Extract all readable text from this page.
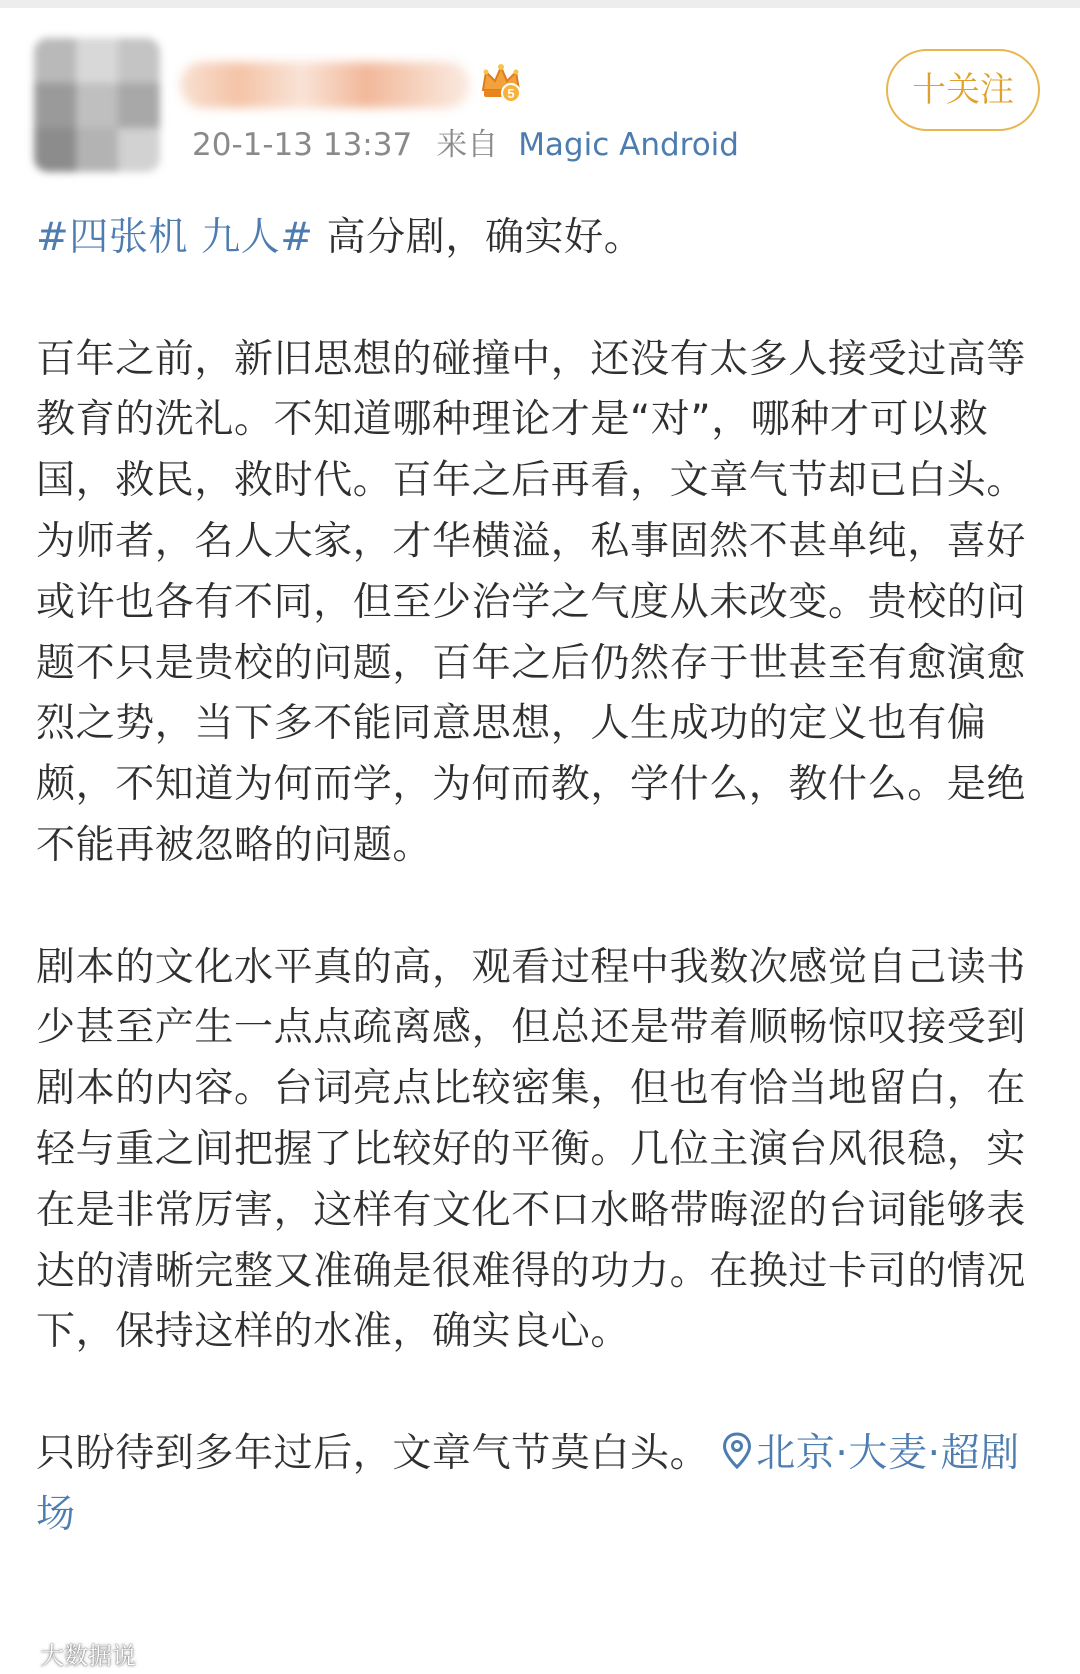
5
20-1-13 13:37 来自 Magic Android
十关注

#四张机 九人# 高分剧，确实好。

百年之前，新旧思想的碰撞中，还没有太多人接受过高等教育的洗礼。不知道哪种理论才是“对”，哪种才可以救国，救民，救时代。百年之后再看，文章气节却已白头。为师者，名人大家，才华横溢，私事固然不甚单纯，喜好或许也各有不同，但至少治学之气度从未改变。贵校的问题不只是贵校的问题，百年之后仍然存于世甚至有愈演愈烈之势，当下多不能同意思想，人生成功的定义也有偏颇，不知道为何而学，为何而教，学什么，教什么。是绝不能再被忽略的问题。

剧本的文化水平真的高，观看过程中我数次感觉自己读书少甚至产生一点点疏离感，但总还是带着顺畅惊叹接受到剧本的内容。台词亮点比较密集，但也有恰当地留白，在轻与重之间把握了比较好的平衡。几位主演台风很稳，实在是非常厉害，这样有文化不口水略带晦涩的台词能够表达的清晰完整又准确是很难得的功力。在换过卡司的情况下，保持这样的水准，确实良心。

只盼待到多年过后，文章气节莫白头。 北京·大麦·超剧场

大数据说
